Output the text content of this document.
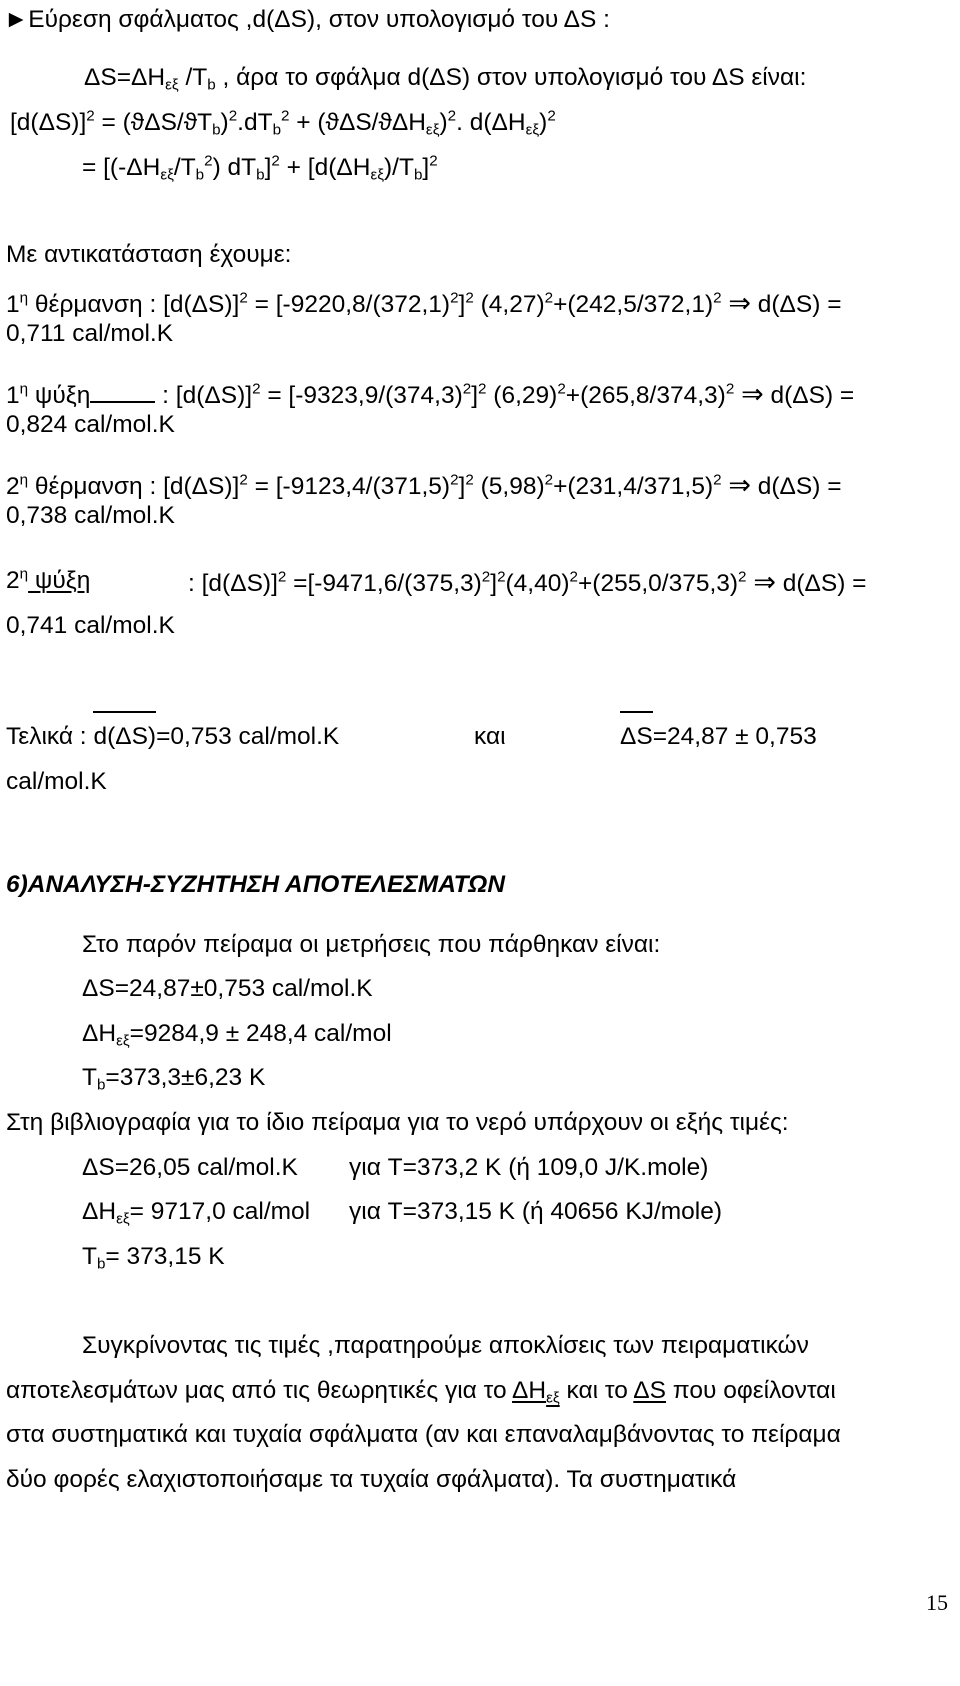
►Εύρεση σφάλματος ,d(ΔS), στον υπολογισμό του ΔS :
$\Delta S=\Delta H_{\varepsilon\xi}$ $/T_b$ , άρα το σφάλμα d(ΔS) στον υπολογισμό του ΔS είναι:
$[d(\Delta S)]^2 = (ϑ\Delta S/ϑT_b)^2.dT_b^2 + (ϑ\Delta S/ϑ\Delta H_{\varepsilon\xi})^2$. $d(\Delta H_{\varepsilon\xi})^2$
= $[(-\Delta H_{\varepsilon\xi}/T_b^2) dT_b]^2 + [d(\Delta H_{\varepsilon\xi})/T_b]^2$
Με αντικατάσταση έχουμε:
$1^\eta$ θέρμανση : $[d(\Delta S)]^2 = [-9220,8/(372,1)^2]^2$ $(4,27)^2+(242,5/372,1)^2$ ⇒ d(ΔS) =
0,711 cal/mol.K
$1^\eta$ ψύξη	: $[d(\Delta S)]^2 = [-9323,9/(374,3)^2]^2$ $(6,29)^2+(265,8/374,3)^2$ ⇒ d(ΔS) =
0,824 cal/mol.K
$2^\eta$ θέρμανση : $[d(\Delta S)]^2 = [-9123,4/(371,5)^2]^2$ $(5,98)^2+(231,4/371,5)^2$ ⇒ d(ΔS) =
0,738 cal/mol.K
$2^\eta$ ψύξη	: $[d(\Delta S)]^2 =[-9471,6/(375,3)^2]^2(4,40)^2+(255,0/375,3)^2$ ⇒ d(ΔS) =
0,741 cal/mol.K
Τελικά : d(ΔS)=0,753 cal/mol.K	και	ΔS=24,87 ± 0,753
cal/mol.K
6)ΑΝΑΛΥΣΗ-ΣΥΖΗΤΗΣΗ ΑΠΟΤΕΛΕΣΜΑΤΩΝ
Στο παρόν πείραμα οι μετρήσεις που πάρθηκαν είναι:
ΔS=24,87±0,753 cal/mol.K
$\Delta H_{\varepsilon\xi}=9284,9 \pm 248,4$ cal/mol
$T_b=373,3\pm 6,23$ K
Στη βιβλιογραφία για το ίδιο πείραμα για το νερό υπάρχουν οι εξής τιμές:
ΔS=26,05 cal/mol.K για T=373,2 K (ή 109,0 J/K.mole)
$\Delta H_{\varepsilon\xi}= 9717,0$ cal/mol για T=373,15 K (ή 40656 KJ/mole)
$T_b= 373,15$ K
Συγκρίνοντας τις τιμές ,παρατηρούμε αποκλίσεις των πειραματικών
αποτελεσμάτων μας από τις θεωρητικές για το $\Delta H_{\varepsilon\xi}$ και το ΔS που οφείλονται
στα συστηματικά και τυχαία σφάλματα (αν και επαναλαμβάνοντας το πείραμα
δύο φορές ελαχιστοποιήσαμε τα τυχαία σφάλματα). Τα συστηματικά
15
